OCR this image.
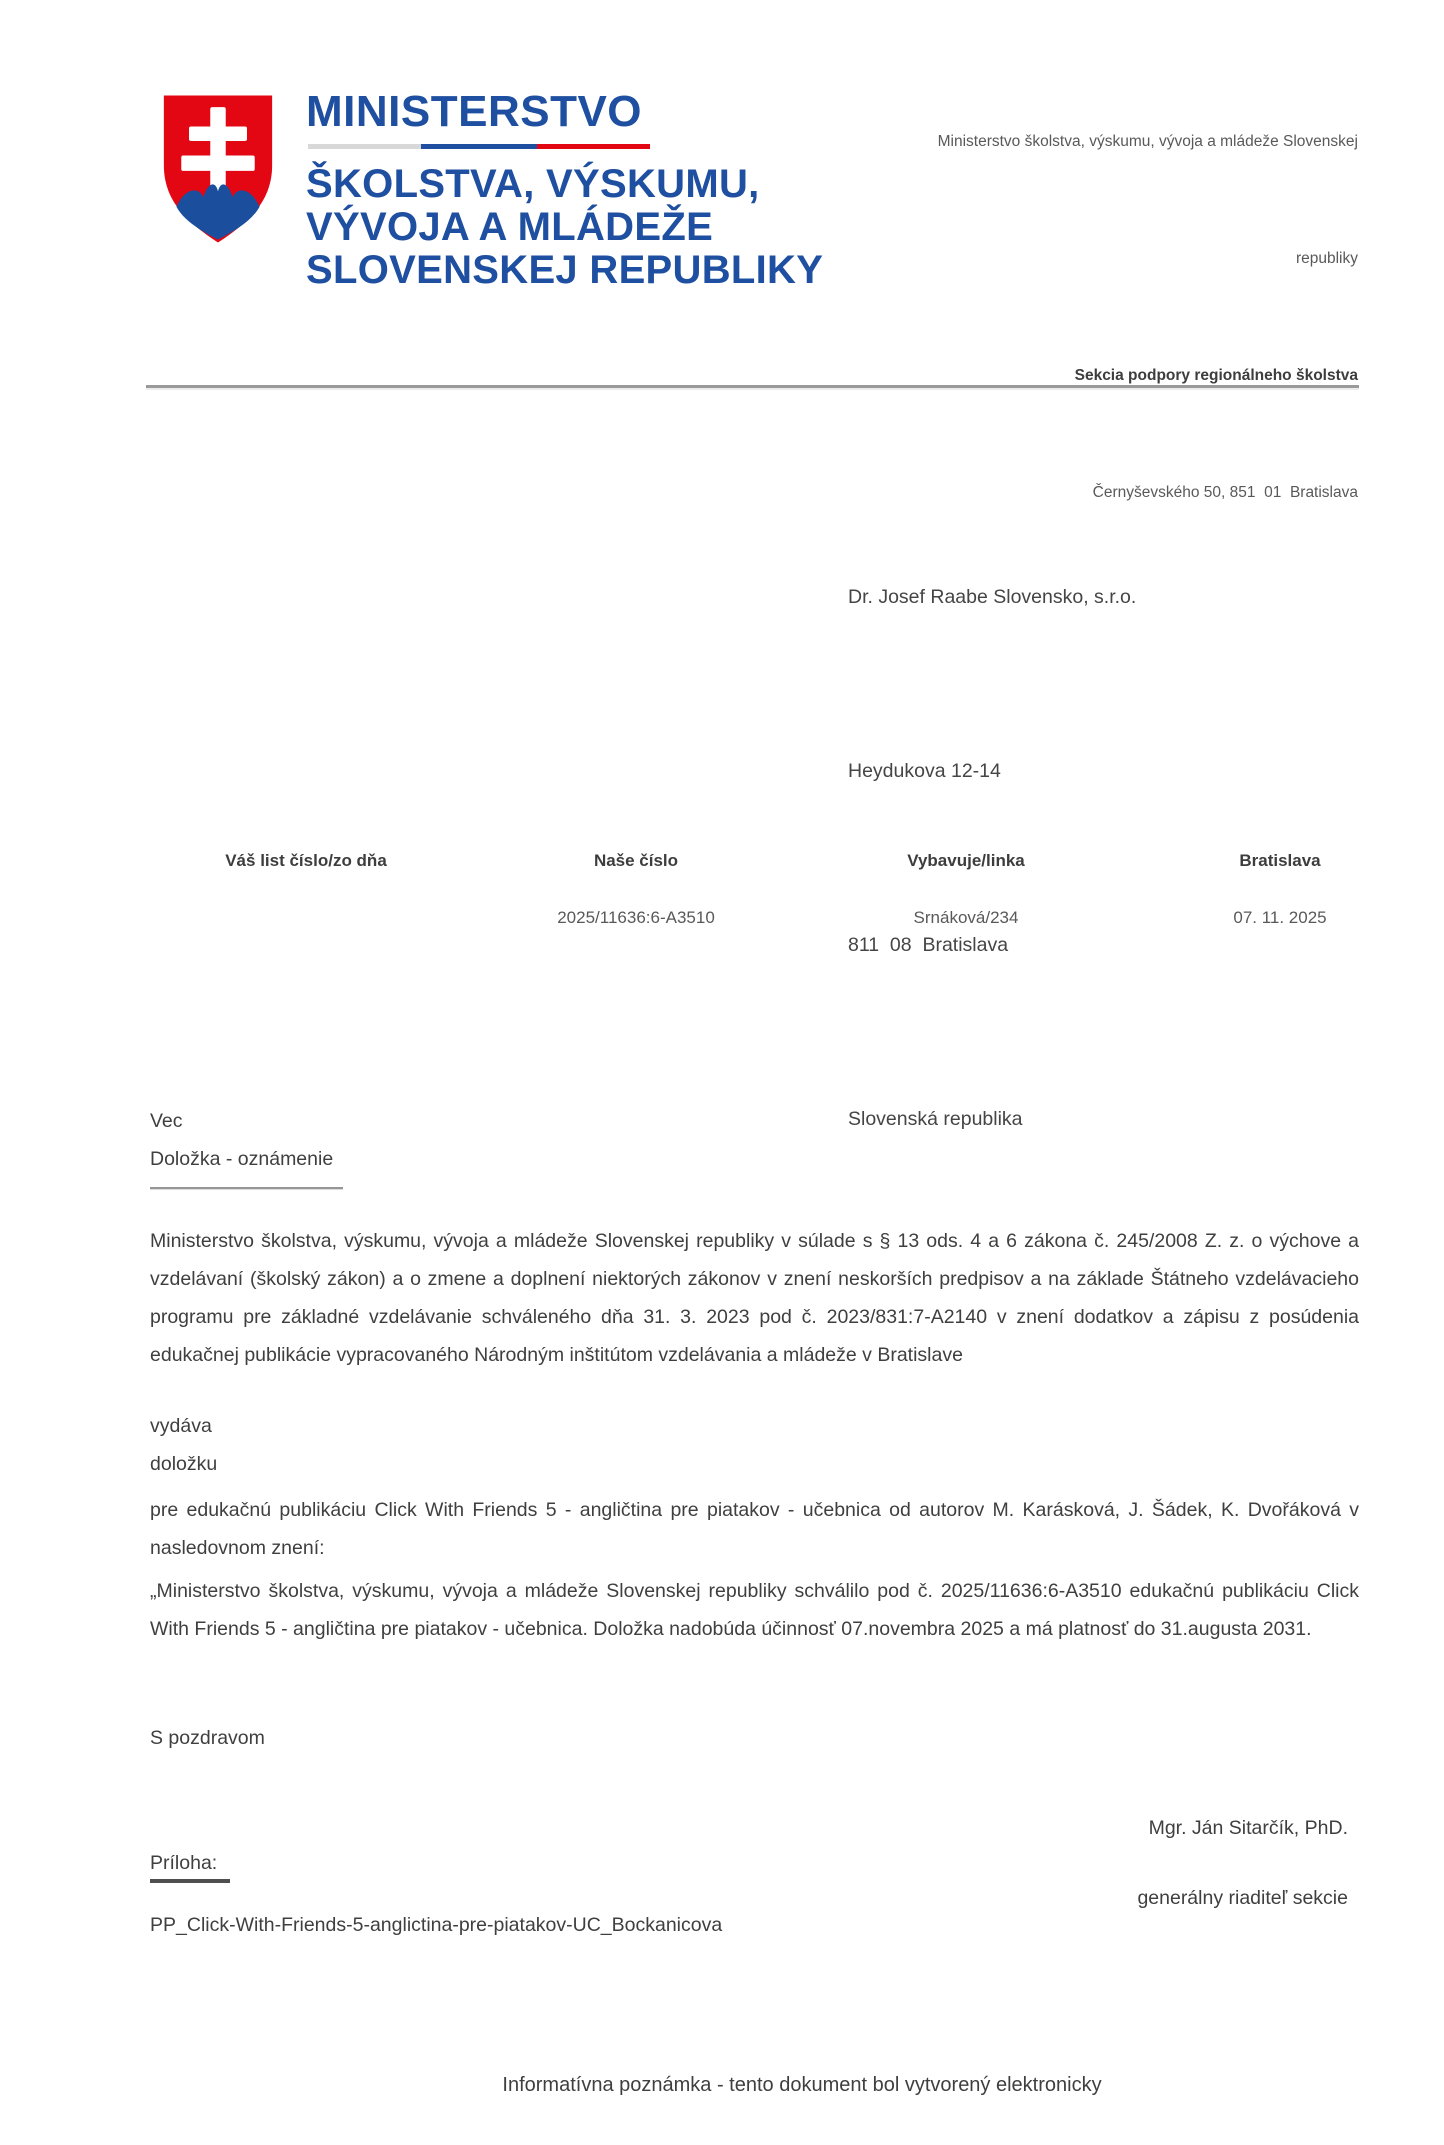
MINISTERSTVO
ŠKOLSTVA, VÝSKUMU,
VÝVOJA A MLÁDEŽE
SLOVENSKEJ REPUBLIKY

Ministerstvo školstva, výskumu, vývoja a mládeže Slovenskej

republiky

Sekcia podpory regionálneho školstva

Černyševského 50, 851  01  Bratislava

Dr. Josef Raabe Slovensko, s.r.o.

Heydukova 12-14

811  08  Bratislava

Slovenská republika

Váš list číslo/zo dňa	Naše číslo
2025/11636:6-A3510
Vybavuje/linka
Srnáková/234
Bratislava
07. 11. 2025
Vec
Doložka - oznámenie
Ministerstvo školstva, výskumu, vývoja a mládeže Slovenskej republiky v súlade s § 13 ods. 4 a 6 zákona č. 245/2008 Z. z. o výchove a vzdelávaní (školský zákon) a o zmene a doplnení niektorých zákonov v znení neskorších predpisov a na základe Štátneho vzdelávacieho programu pre základné vzdelávanie schváleného dňa 31. 3. 2023 pod č. 2023/831:7-A2140 v znení dodatkov a zápisu z posúdenia edukačnej publikácie vypracovaného Národným inštitútom vzdelávania a mládeže v Bratislave
vydáva
doložku
pre edukačnú publikáciu Click With Friends 5 - angličtina pre piatakov - učebnica od autorov M. Karásková, J. Šádek, K. Dvořáková v nasledovnom znení:
„Ministerstvo školstva, výskumu, vývoja a mládeže Slovenskej republiky schválilo pod č. 2025/11636:6-A3510 edukačnú publikáciu Click With Friends 5 - angličtina pre piatakov - učebnica. Doložka nadobúda účinnosť 07.novembra 2025 a má platnosť do 31.augusta 2031.
S pozdravom
Mgr. Ján Sitarčík, PhD.
generálny riaditeľ sekcie
Príloha:
PP_Click-With-Friends-5-anglictina-pre-piatakov-UC_Bockanicova
Informatívna poznámka - tento dokument bol vytvorený elektronicky
